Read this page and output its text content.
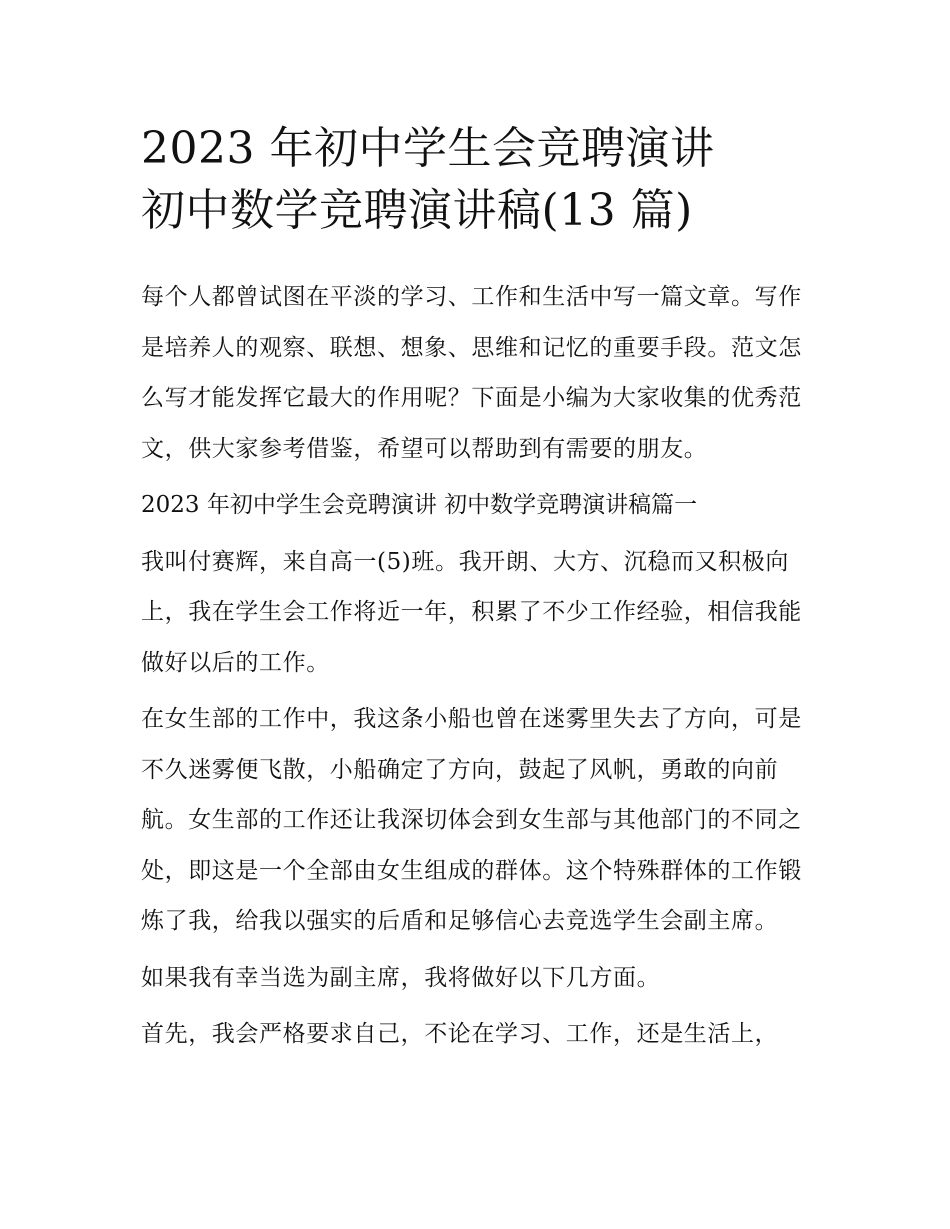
2023 年初中学生会竞聘演讲
初中数学竞聘演讲稿(13 篇)

每个人都曾试图在平淡的学习、工作和生活中写一篇文章。写作是培养人的观察、联想、想象、思维和记忆的重要手段。范文怎么写才能发挥它最大的作用呢？下面是小编为大家收集的优秀范文，供大家参考借鉴，希望可以帮助到有需要的朋友。

2023 年初中学生会竞聘演讲 初中数学竞聘演讲稿篇一

我叫付赛辉，来自高一(5)班。我开朗、大方、沉稳而又积极向上，我在学生会工作将近一年，积累了不少工作经验，相信我能做好以后的工作。

在女生部的工作中，我这条小船也曾在迷雾里失去了方向，可是不久迷雾便飞散，小船确定了方向，鼓起了风帆，勇敢的向前航。女生部的工作还让我深切体会到女生部与其他部门的不同之处，即这是一个全部由女生组成的群体。这个特殊群体的工作锻炼了我，给我以强实的后盾和足够信心去竞选学生会副主席。

如果我有幸当选为副主席，我将做好以下几方面。

首先，我会严格要求自己，不论在学习、工作，还是生活上，
